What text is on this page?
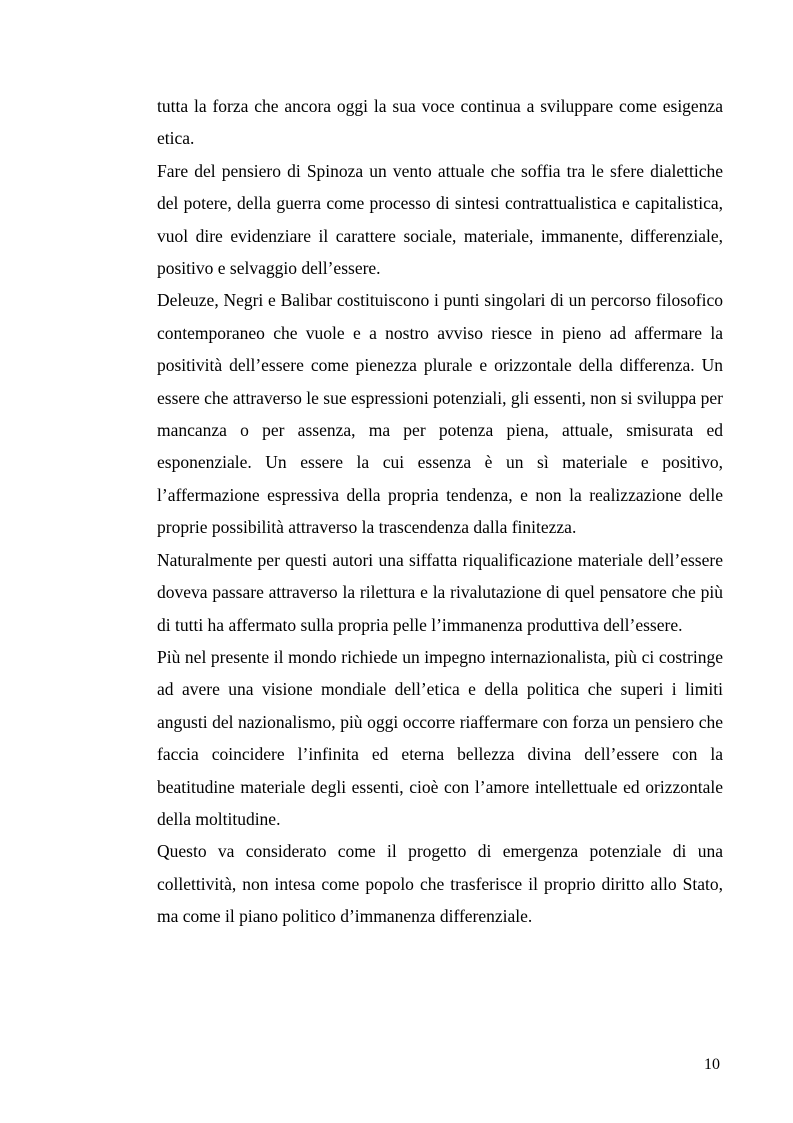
tutta la forza che ancora oggi la sua voce continua a sviluppare come esigenza etica.

Fare del pensiero di Spinoza un vento attuale che soffia tra le sfere dialettiche del potere, della guerra come processo di sintesi contrattualistica e capitalistica, vuol dire evidenziare il carattere sociale, materiale, immanente, differenziale, positivo e selvaggio dell’essere.

Deleuze, Negri e Balibar costituiscono i punti singolari di un percorso filosofico contemporaneo che vuole e a nostro avviso riesce in pieno ad affermare la positività dell’essere come pienezza plurale e orizzontale della differenza. Un essere che attraverso le sue espressioni potenziali, gli essenti, non si sviluppa per mancanza o per assenza, ma per potenza piena, attuale, smisurata ed esponenziale. Un essere la cui essenza è un sì materiale e positivo, l’affermazione espressiva della propria tendenza, e non la realizzazione delle proprie possibilità attraverso la trascendenza dalla finitezza.

Naturalmente per questi autori una siffatta riqualificazione materiale dell’essere doveva passare attraverso la rilettura e la rivalutazione di quel pensatore che più di tutti ha affermato sulla propria pelle l’immanenza produttiva dell’essere.

Più nel presente il mondo richiede un impegno internazionalista, più ci costringe ad avere una visione mondiale dell’etica e della politica che superi i limiti angusti del nazionalismo, più oggi occorre riaffermare con forza un pensiero che faccia coincidere l’infinita ed eterna bellezza divina dell’essere con la beatitudine materiale degli essenti, cioè con l’amore intellettuale ed orizzontale della moltitudine.

Questo va considerato come il progetto di emergenza potenziale di una collettività, non intesa come popolo che trasferisce il proprio diritto allo Stato, ma come il piano politico d’immanenza differenziale.

10
